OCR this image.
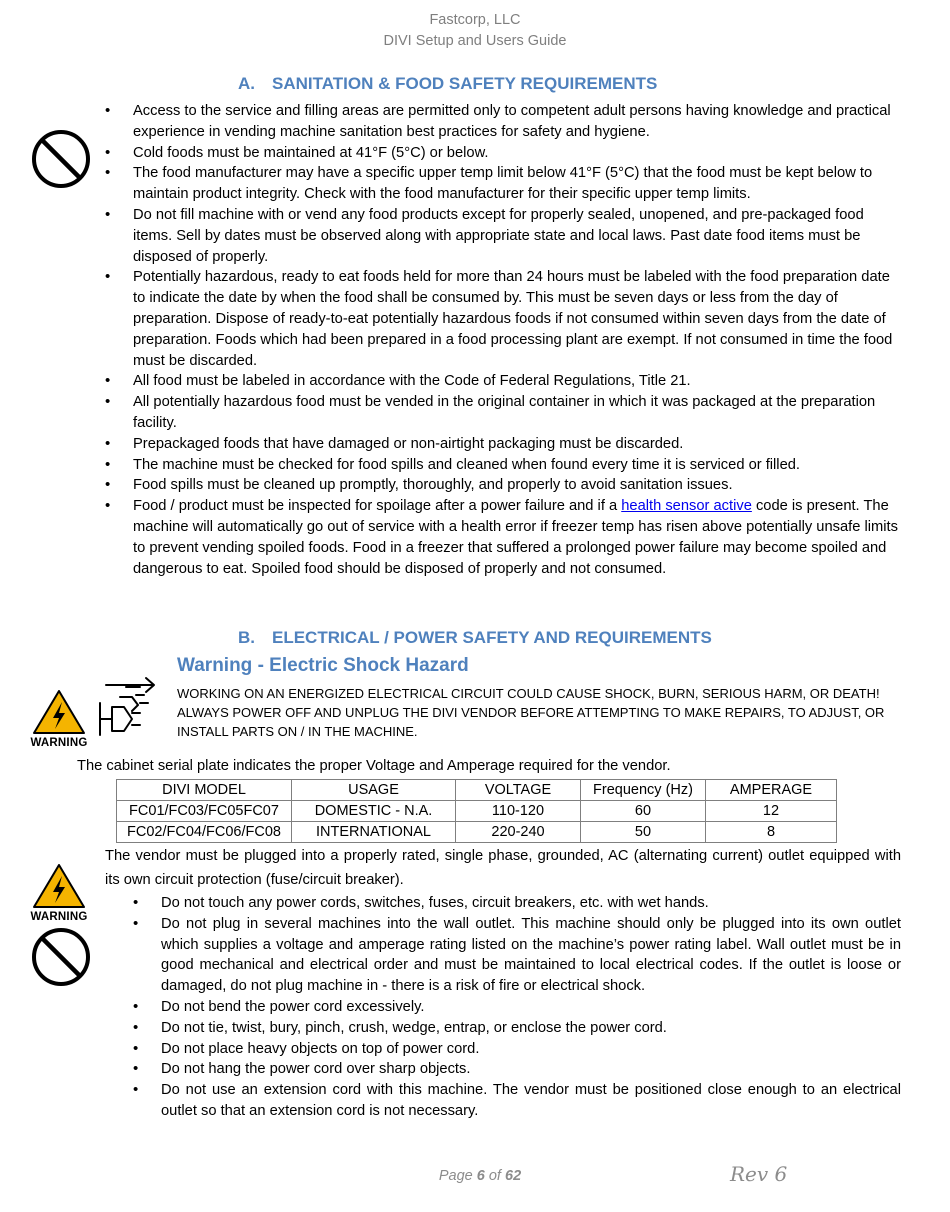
Fastcorp, LLC
DIVI Setup and Users Guide
A. SANITATION & FOOD SAFETY REQUIREMENTS
• Access to the service and filling areas are permitted only to competent adult persons having knowledge and practical experience in vending machine sanitation best practices for safety and hygiene.
• Cold foods must be maintained at 41°F (5°C) or below.
• The food manufacturer may have a specific upper temp limit below 41°F (5°C) that the food must be kept below to maintain product integrity. Check with the food manufacturer for their specific upper temp limits.
• Do not fill machine with or vend any food products except for properly sealed, unopened, and pre-packaged food items. Sell by dates must be observed along with appropriate state and local laws. Past date food items must be disposed of properly.
• Potentially hazardous, ready to eat foods held for more than 24 hours must be labeled with the food preparation date to indicate the date by when the food shall be consumed by. This must be seven days or less from the day of preparation. Dispose of ready-to-eat potentially hazardous foods if not consumed within seven days from the date of preparation. Foods which had been prepared in a food processing plant are exempt. If not consumed in time the food must be discarded.
• All food must be labeled in accordance with the Code of Federal Regulations, Title 21.
• All potentially hazardous food must be vended in the original container in which it was packaged at the preparation facility.
• Prepackaged foods that have damaged or non-airtight packaging must be discarded.
• The machine must be checked for food spills and cleaned when found every time it is serviced or filled.
• Food spills must be cleaned up promptly, thoroughly, and properly to avoid sanitation issues.
• Food / product must be inspected for spoilage after a power failure and if a health sensor active code is present. The machine will automatically go out of service with a health error if freezer temp has risen above potentially unsafe limits to prevent vending spoiled foods. Food in a freezer that suffered a prolonged power failure may become spoiled and dangerous to eat. Spoiled food should be disposed of properly and not consumed.
B. ELECTRICAL / POWER SAFETY AND REQUIREMENTS
WARNING
Warning - Electric Shock Hazard
WORKING ON AN ENERGIZED ELECTRICAL CIRCUIT COULD CAUSE SHOCK, BURN, SERIOUS HARM, OR DEATH!
ALWAYS POWER OFF AND UNPLUG THE DIVI VENDOR BEFORE ATTEMPTING TO MAKE REPAIRS, TO ADJUST, OR
INSTALL PARTS ON / IN THE MACHINE.
The cabinet serial plate indicates the proper Voltage and Amperage required for the vendor.
DIVI MODEL	USAGE	VOLTAGE	Frequency (Hz)	AMPERAGE
FC01/FC03/FC05FC07	DOMESTIC - N.A.	110-120	60	12
FC02/FC04/FC06/FC08	INTERNATIONAL	220-240	50	8
WARNING
The vendor must be plugged into a properly rated, single phase, grounded, AC (alternating current) outlet equipped with its own circuit protection (fuse/circuit breaker).
• Do not touch any power cords, switches, fuses, circuit breakers, etc. with wet hands.
• Do not plug in several machines into the wall outlet. This machine should only be plugged into its own outlet which supplies a voltage and amperage rating listed on the machine’s power rating label. Wall outlet must be in good mechanical and electrical order and must be maintained to local electrical codes. If the outlet is loose or damaged, do not plug machine in - there is a risk of fire or electrical shock.
• Do not bend the power cord excessively.
• Do not tie, twist, bury, pinch, crush, wedge, entrap, or enclose the power cord.
• Do not place heavy objects on top of power cord.
• Do not hang the power cord over sharp objects.
• Do not use an extension cord with this machine. The vendor must be positioned close enough to an electrical outlet so that an extension cord is not necessary.
Page 6 of 62	Rev 6
